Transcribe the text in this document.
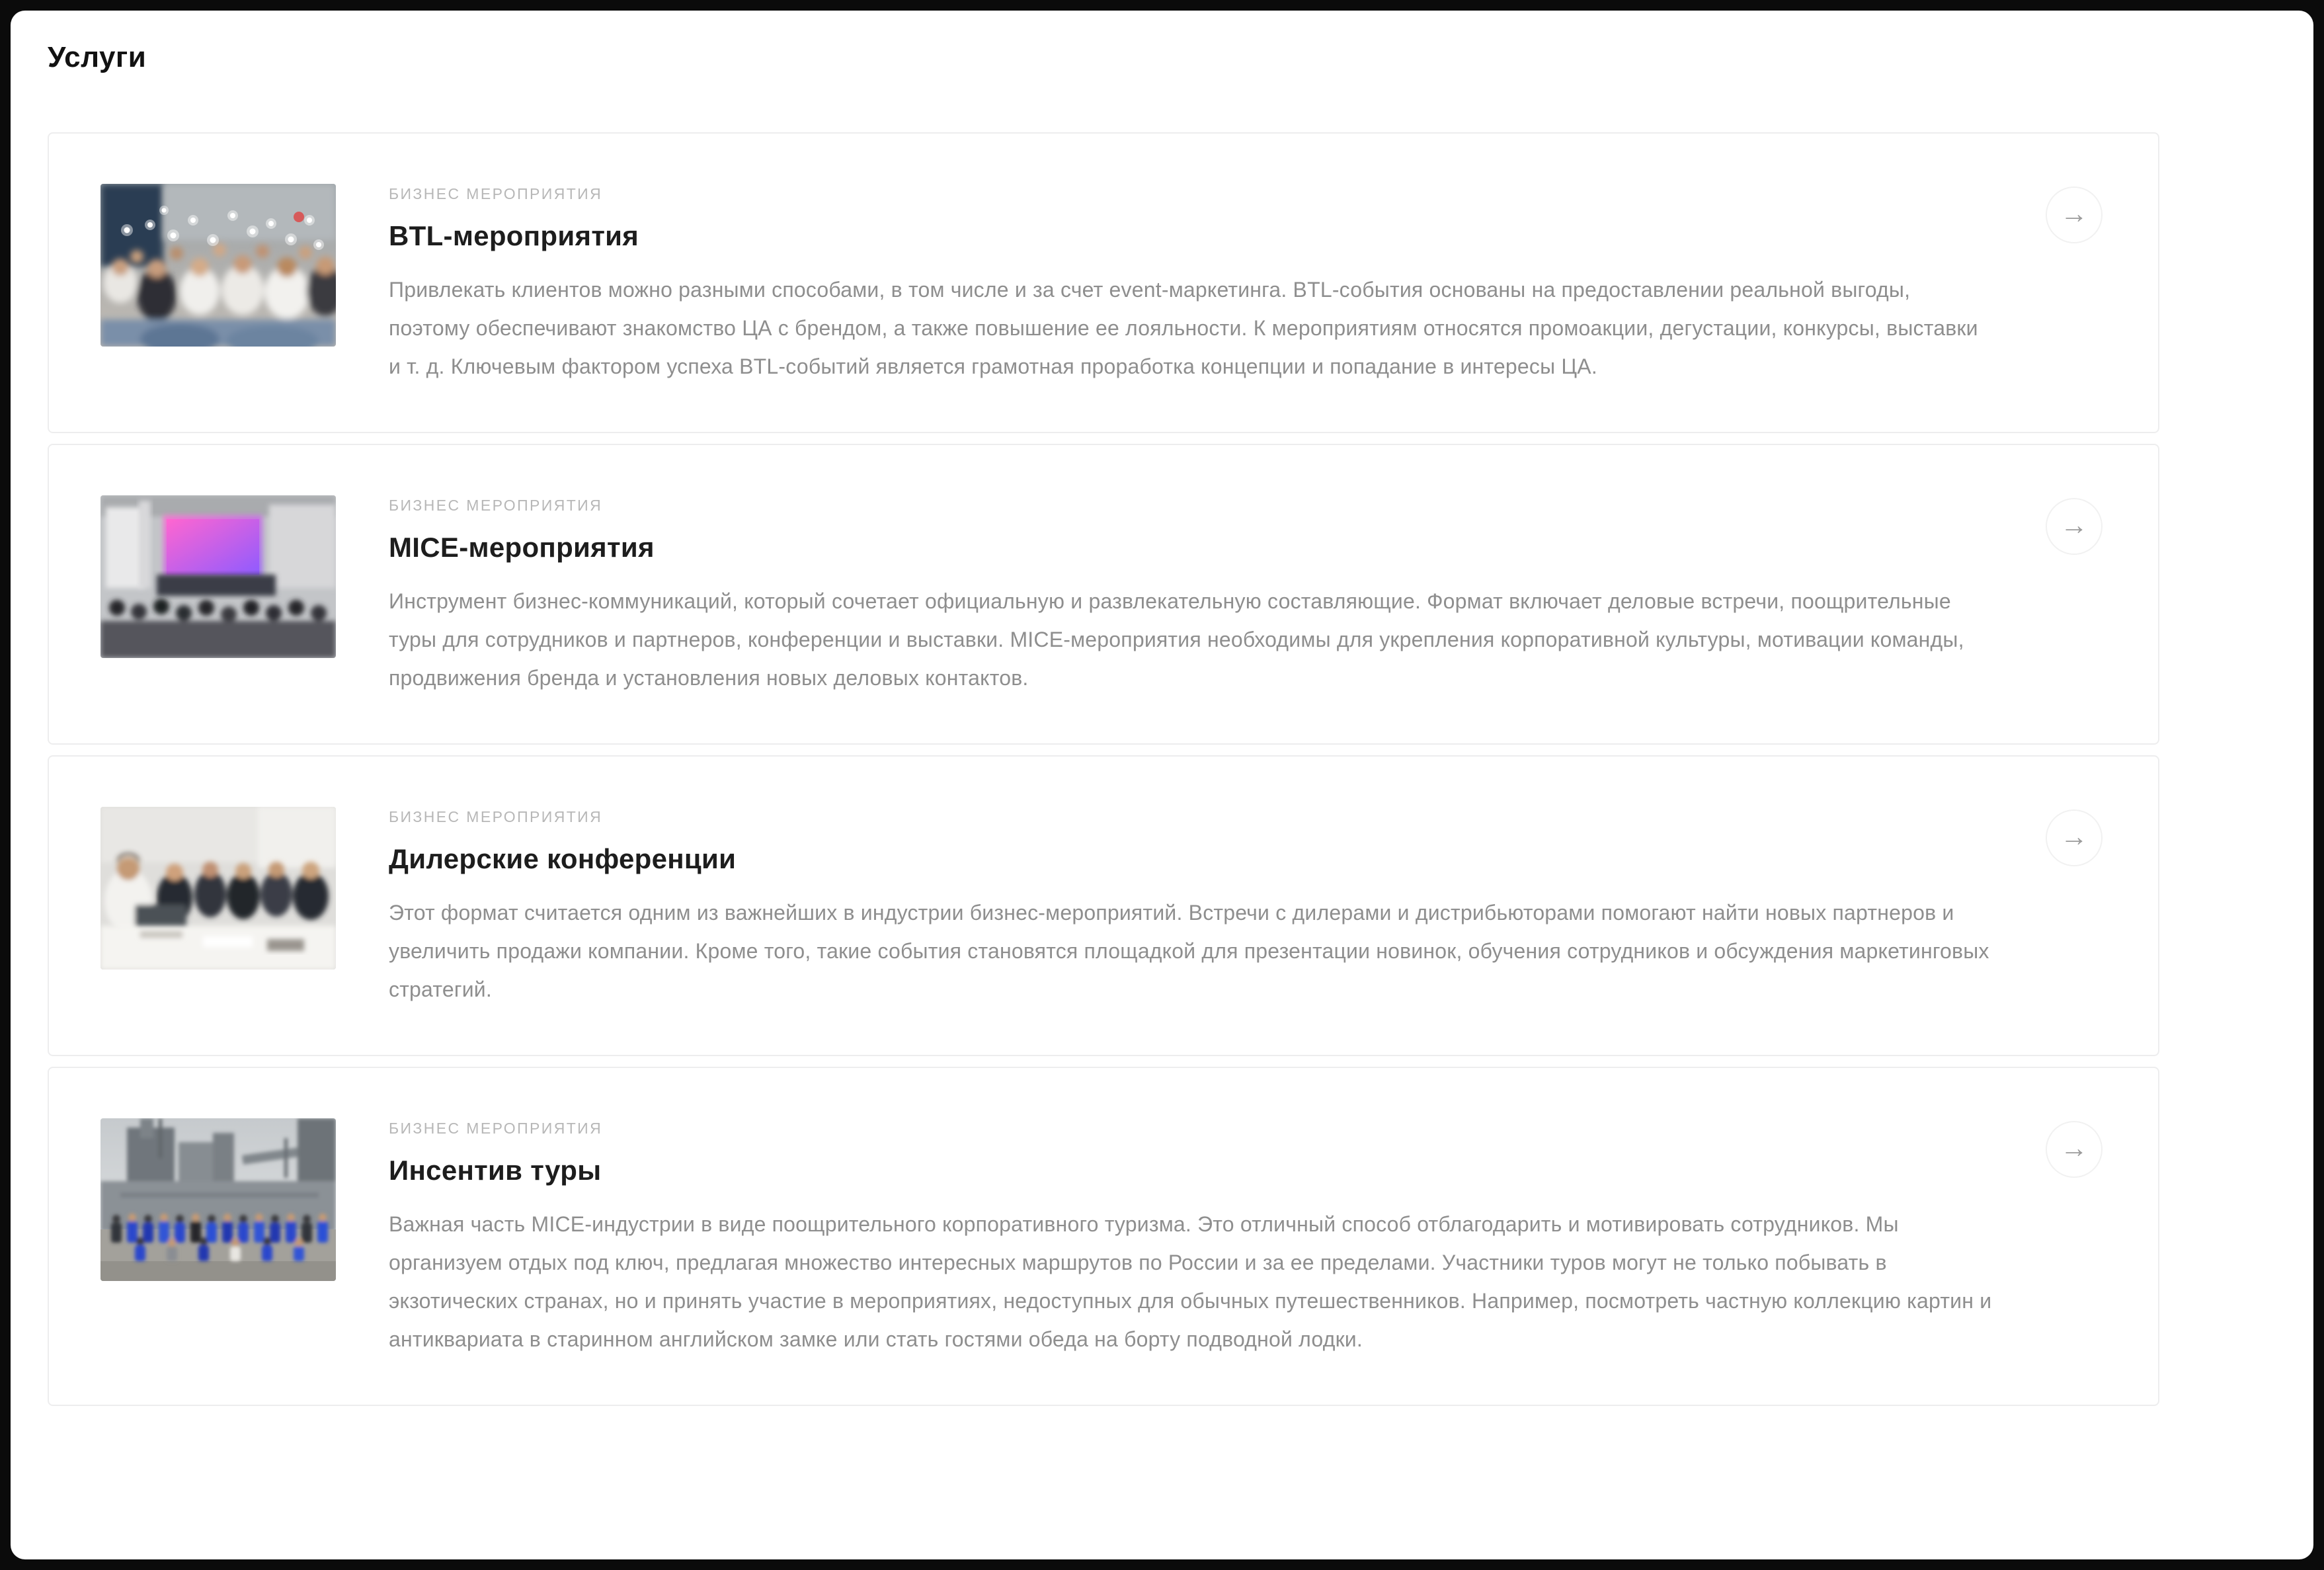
Услуги
БИЗНЕС МЕРОПРИЯТИЯ
BTL-мероприятия

Привлекать клиентов можно разными способами, в том числе и за счет event-маркетинга. BTL-события основаны на предоставлении реальной выгоды, поэтому обеспечивают знакомство ЦА с брендом, а также повышение ее лояльности. К мероприятиям относятся промоакции, дегустации, конкурсы, выставки и т. д. Ключевым фактором успеха BTL-событий является грамотная проработка концепции и попадание в интересы ЦА.

→
БИЗНЕС МЕРОПРИЯТИЯ
MICE-мероприятия

Инструмент бизнес-коммуникаций, который сочетает официальную и развлекательную составляющие. Формат включает деловые встречи, поощрительные туры для сотрудников и партнеров, конференции и выставки. MICE-мероприятия необходимы для укрепления корпоративной культуры, мотивации команды, продвижения бренда и установления новых деловых контактов.

→
БИЗНЕС МЕРОПРИЯТИЯ
Дилерские конференции

Этот формат считается одним из важнейших в индустрии бизнес-мероприятий. Встречи с дилерами и дистрибьюторами помогают найти новых партнеров и увеличить продажи компании. Кроме того, такие события становятся площадкой для презентации новинок, обучения сотрудников и обсуждения маркетинговых стратегий.

→
БИЗНЕС МЕРОПРИЯТИЯ
Инсентив туры

Важная часть MICE-индустрии в виде поощрительного корпоративного туризма. Это отличный способ отблагодарить и мотивировать сотрудников. Мы организуем отдых под ключ, предлагая множество интересных маршрутов по России и за ее пределами. Участники туров могут не только побывать в экзотических странах, но и принять участие в мероприятиях, недоступных для обычных путешественников. Например, посмотреть частную коллекцию картин и антиквариата в старинном английском замке или стать гостями обеда на борту подводной лодки.

→
